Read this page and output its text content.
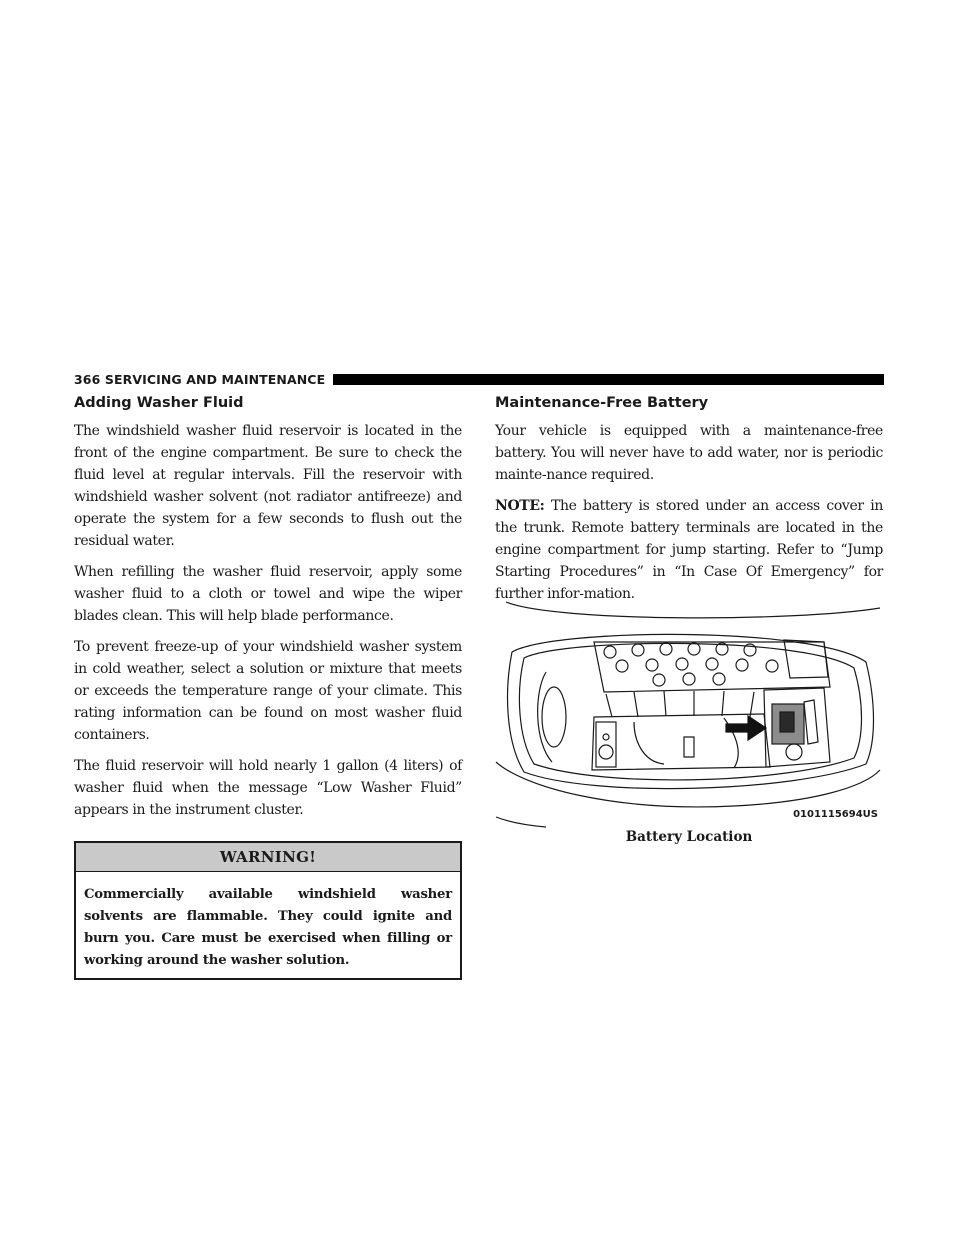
366 SERVICING AND MAINTENANCE
Adding Washer Fluid

The windshield washer fluid reservoir is located in the front of the engine compartment. Be sure to check the fluid level at regular intervals. Fill the reservoir with windshield washer solvent (not radiator antifreeze) and operate the system for a few seconds to flush out the residual water.

When refilling the washer fluid reservoir, apply some washer fluid to a cloth or towel and wipe the wiper blades clean. This will help blade performance.

To prevent freeze-up of your windshield washer system in cold weather, select a solution or mixture that meets or exceeds the temperature range of your climate. This rating information can be found on most washer fluid containers.

The fluid reservoir will hold nearly 1 gallon (4 liters) of washer fluid when the message “Low Washer Fluid” appears in the instrument cluster.

WARNING!
Commercially available windshield washer solvents are flammable. They could ignite and burn you. Care must be exercised when filling or working around the washer solution.
Maintenance-Free Battery

Your vehicle is equipped with a maintenance-free battery. You will never have to add water, nor is periodic mainte-nance required.

NOTE: The battery is stored under an access cover in the trunk. Remote battery terminals are located in the engine compartment for jump starting. Refer to “Jump Starting Procedures” in “In Case Of Emergency” for further infor-mation.

0101115694US
Battery Location
